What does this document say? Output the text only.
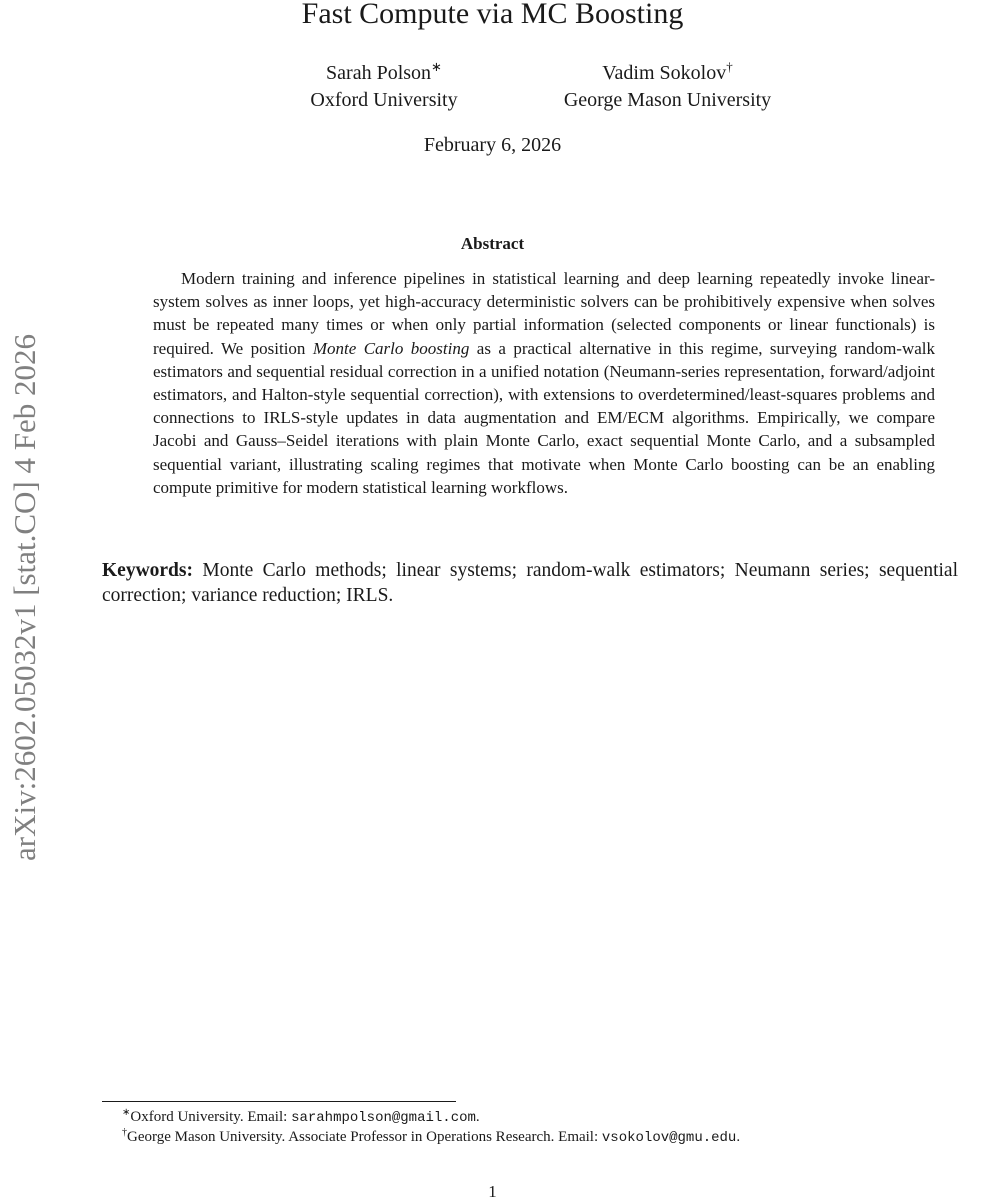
arXiv:2602.05032v1 [stat.CO] 4 Feb 2026
Fast Compute via MC Boosting
Sarah Polson∗
Oxford University
Vadim Sokolov†
George Mason University
February 6, 2026
Abstract
Modern training and inference pipelines in statistical learning and deep learning repeatedly invoke linear-system solves as inner loops, yet high-accuracy deterministic solvers can be prohibitively expensive when solves must be repeated many times or when only partial information (selected components or linear functionals) is required. We position Monte Carlo boosting as a practical alternative in this regime, surveying random-walk estimators and sequential residual correction in a unified notation (Neumann-series representation, forward/adjoint estimators, and Halton-style sequential correction), with extensions to overdetermined/least-squares problems and connections to IRLS-style updates in data augmentation and EM/ECM algorithms. Empirically, we compare Jacobi and Gauss–Seidel iterations with plain Monte Carlo, exact sequential Monte Carlo, and a subsampled sequential variant, illustrating scaling regimes that motivate when Monte Carlo boosting can be an enabling compute primitive for modern statistical learning workflows.
Keywords: Monte Carlo methods; linear systems; random-walk estimators; Neumann series; sequential correction; variance reduction; IRLS.
∗Oxford University. Email: sarahmpolson@gmail.com.
†George Mason University. Associate Professor in Operations Research. Email: vsokolov@gmu.edu.
1
